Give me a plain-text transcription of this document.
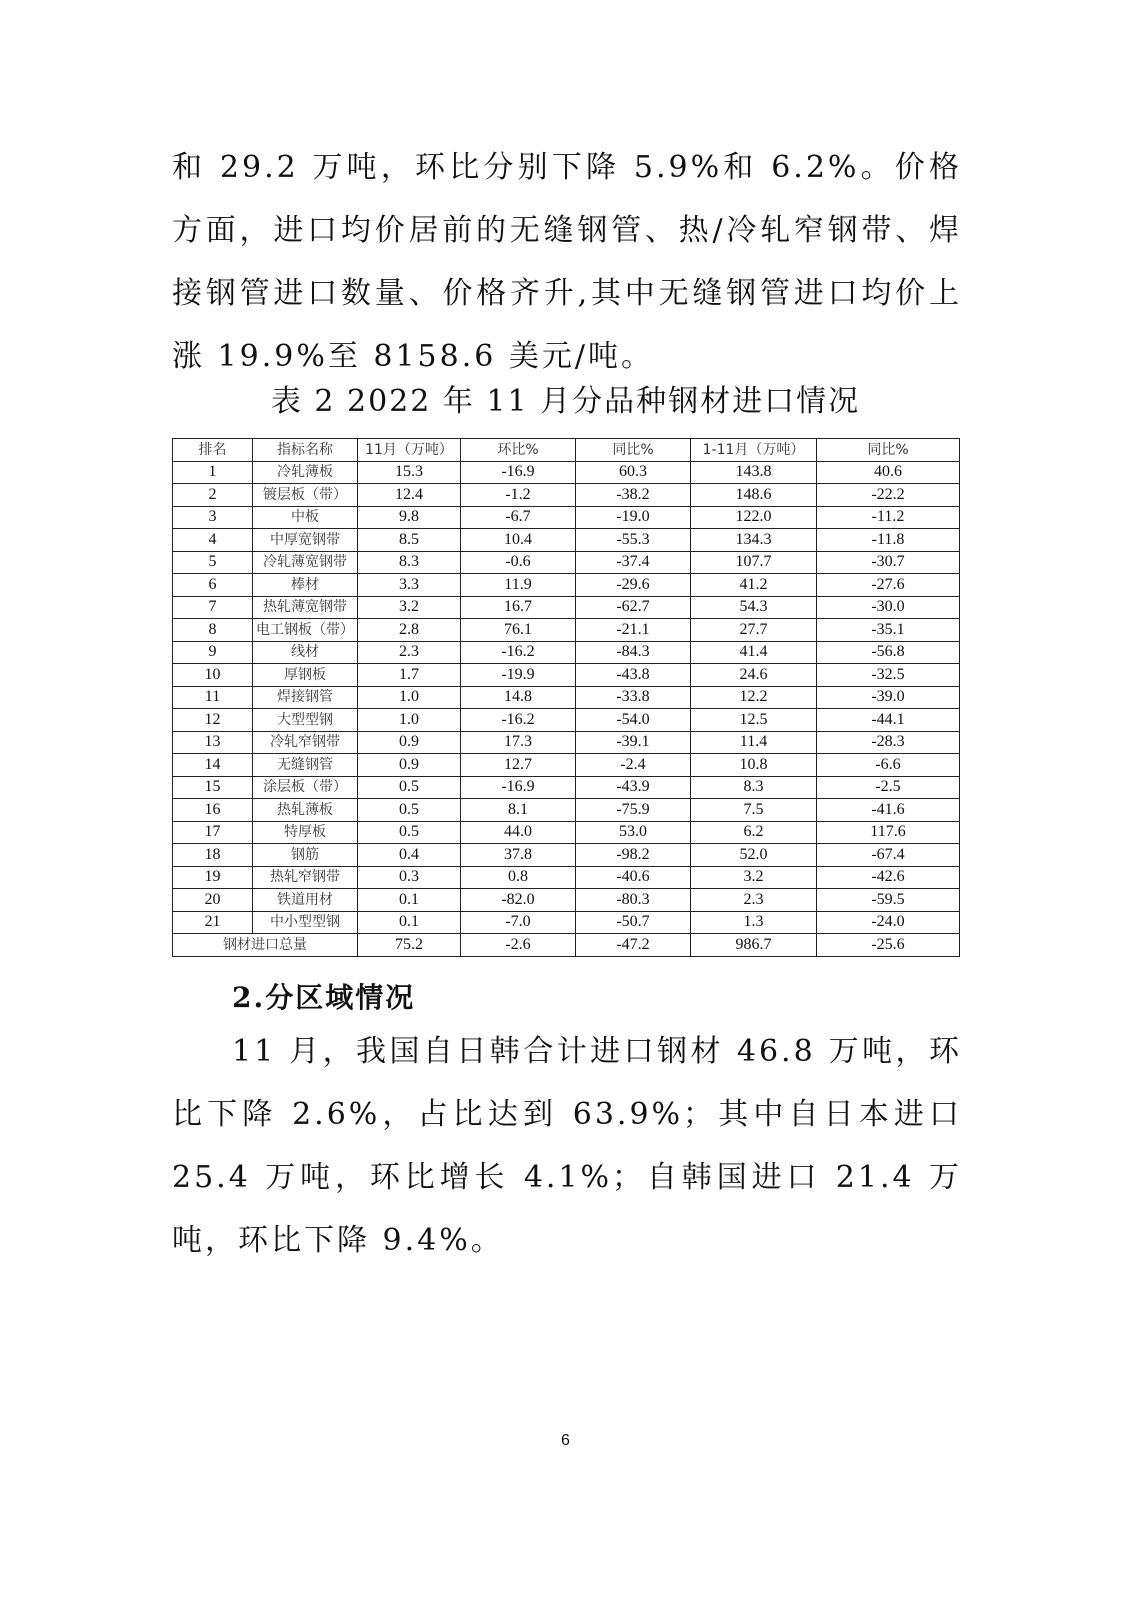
和 29.2 万吨，环比分别下降 5.9%和 6.2%。价格方面，进口均价居前的无缝钢管、热/冷轧窄钢带、焊接钢管进口数量、价格齐升,其中无缝钢管进口均价上涨 19.9%至 8158.6 美元/吨。

表 2 2022 年 11 月分品种钢材进口情况

排名	指标名称	11月（万吨）	环比%	同比%	1-11月（万吨）	同比%
1	冷轧薄板	15.3	-16.9	60.3	143.8	40.6
2	镀层板（带）	12.4	-1.2	-38.2	148.6	-22.2
3	中板	9.8	-6.7	-19.0	122.0	-11.2
4	中厚宽钢带	8.5	10.4	-55.3	134.3	-11.8
5	冷轧薄宽钢带	8.3	-0.6	-37.4	107.7	-30.7
6	棒材	3.3	11.9	-29.6	41.2	-27.6
7	热轧薄宽钢带	3.2	16.7	-62.7	54.3	-30.0
8	电工钢板（带）	2.8	76.1	-21.1	27.7	-35.1
9	线材	2.3	-16.2	-84.3	41.4	-56.8
10	厚钢板	1.7	-19.9	-43.8	24.6	-32.5
11	焊接钢管	1.0	14.8	-33.8	12.2	-39.0
12	大型型钢	1.0	-16.2	-54.0	12.5	-44.1
13	冷轧窄钢带	0.9	17.3	-39.1	11.4	-28.3
14	无缝钢管	0.9	12.7	-2.4	10.8	-6.6
15	涂层板（带）	0.5	-16.9	-43.9	8.3	-2.5
16	热轧薄板	0.5	8.1	-75.9	7.5	-41.6
17	特厚板	0.5	44.0	53.0	6.2	117.6
18	钢筋	0.4	37.8	-98.2	52.0	-67.4
19	热轧窄钢带	0.3	0.8	-40.6	3.2	-42.6
20	铁道用材	0.1	-82.0	-80.3	2.3	-59.5
21	中小型型钢	0.1	-7.0	-50.7	1.3	-24.0
钢材进口总量		75.2	-2.6	-47.2	986.7	-25.6

2.分区域情况

11 月，我国自日韩合计进口钢材 46.8 万吨，环比下降 2.6%，占比达到 63.9%；其中自日本进口 25.4 万吨，环比增长 4.1%；自韩国进口 21.4 万吨，环比下降 9.4%。

6
